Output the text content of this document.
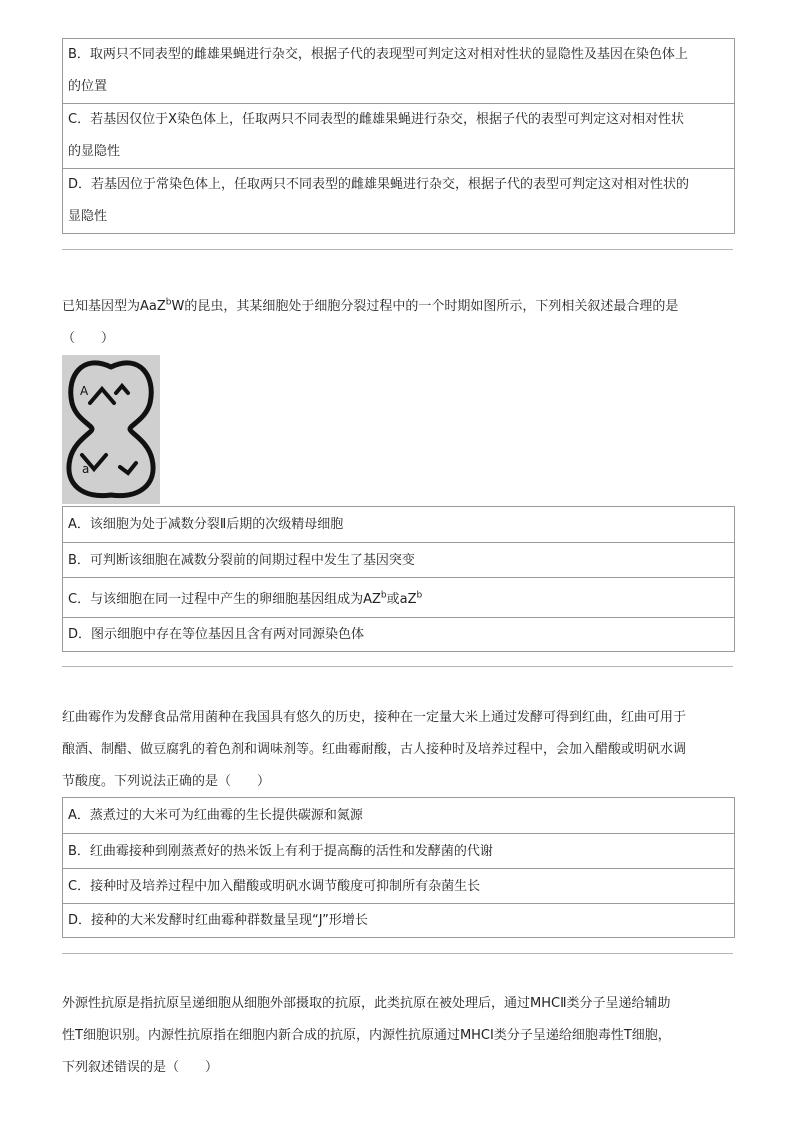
B．取两只不同表型的雌雄果蝇进行杂交，根据子代的表现型可判定这对相对性状的显隐性及基因在染色体上
的位置
C．若基因仅位于X染色体上，任取两只不同表型的雌雄果蝇进行杂交，根据子代的表型可判定这对相对性状
的显隐性
D．若基因位于常染色体上，任取两只不同表型的雌雄果蝇进行杂交，根据子代的表型可判定这对相对性状的
显隐性
已知基因型为AaZ$^b$W的昆虫，其某细胞处于细胞分裂过程中的一个时期如图所示，下列相关叙述最合理的是
（　　）
A
a
A．该细胞为处于减数分裂Ⅱ后期的次级精母细胞
B．可判断该细胞在减数分裂前的间期过程中发生了基因突变
C．与该细胞在同一过程中产生的卵细胞基因组成为$AZ^b$或$aZ^b$
D．图示细胞中存在等位基因且含有两对同源染色体
红曲霉作为发酵食品常用菌种在我国具有悠久的历史，接种在一定量大米上通过发酵可得到红曲，红曲可用于
酿酒、制醋、做豆腐乳的着色剂和调味剂等。红曲霉耐酸，古人接种时及培养过程中，会加入醋酸或明矾水调
节酸度。下列说法正确的是（　　）
A．蒸煮过的大米可为红曲霉的生长提供碳源和氮源
B．红曲霉接种到刚蒸煮好的热米饭上有利于提高酶的活性和发酵菌的代谢
C．接种时及培养过程中加入醋酸或明矾水调节酸度可抑制所有杂菌生长
D．接种的大米发酵时红曲霉种群数量呈现“J”形增长
外源性抗原是指抗原呈递细胞从细胞外部摄取的抗原，此类抗原在被处理后，通过MHCⅡ类分子呈递给辅助
性T细胞识别。内源性抗原指在细胞内新合成的抗原，内源性抗原通过MHCⅠ类分子呈递给细胞毒性T细胞，
下列叙述错误的是（　　）
